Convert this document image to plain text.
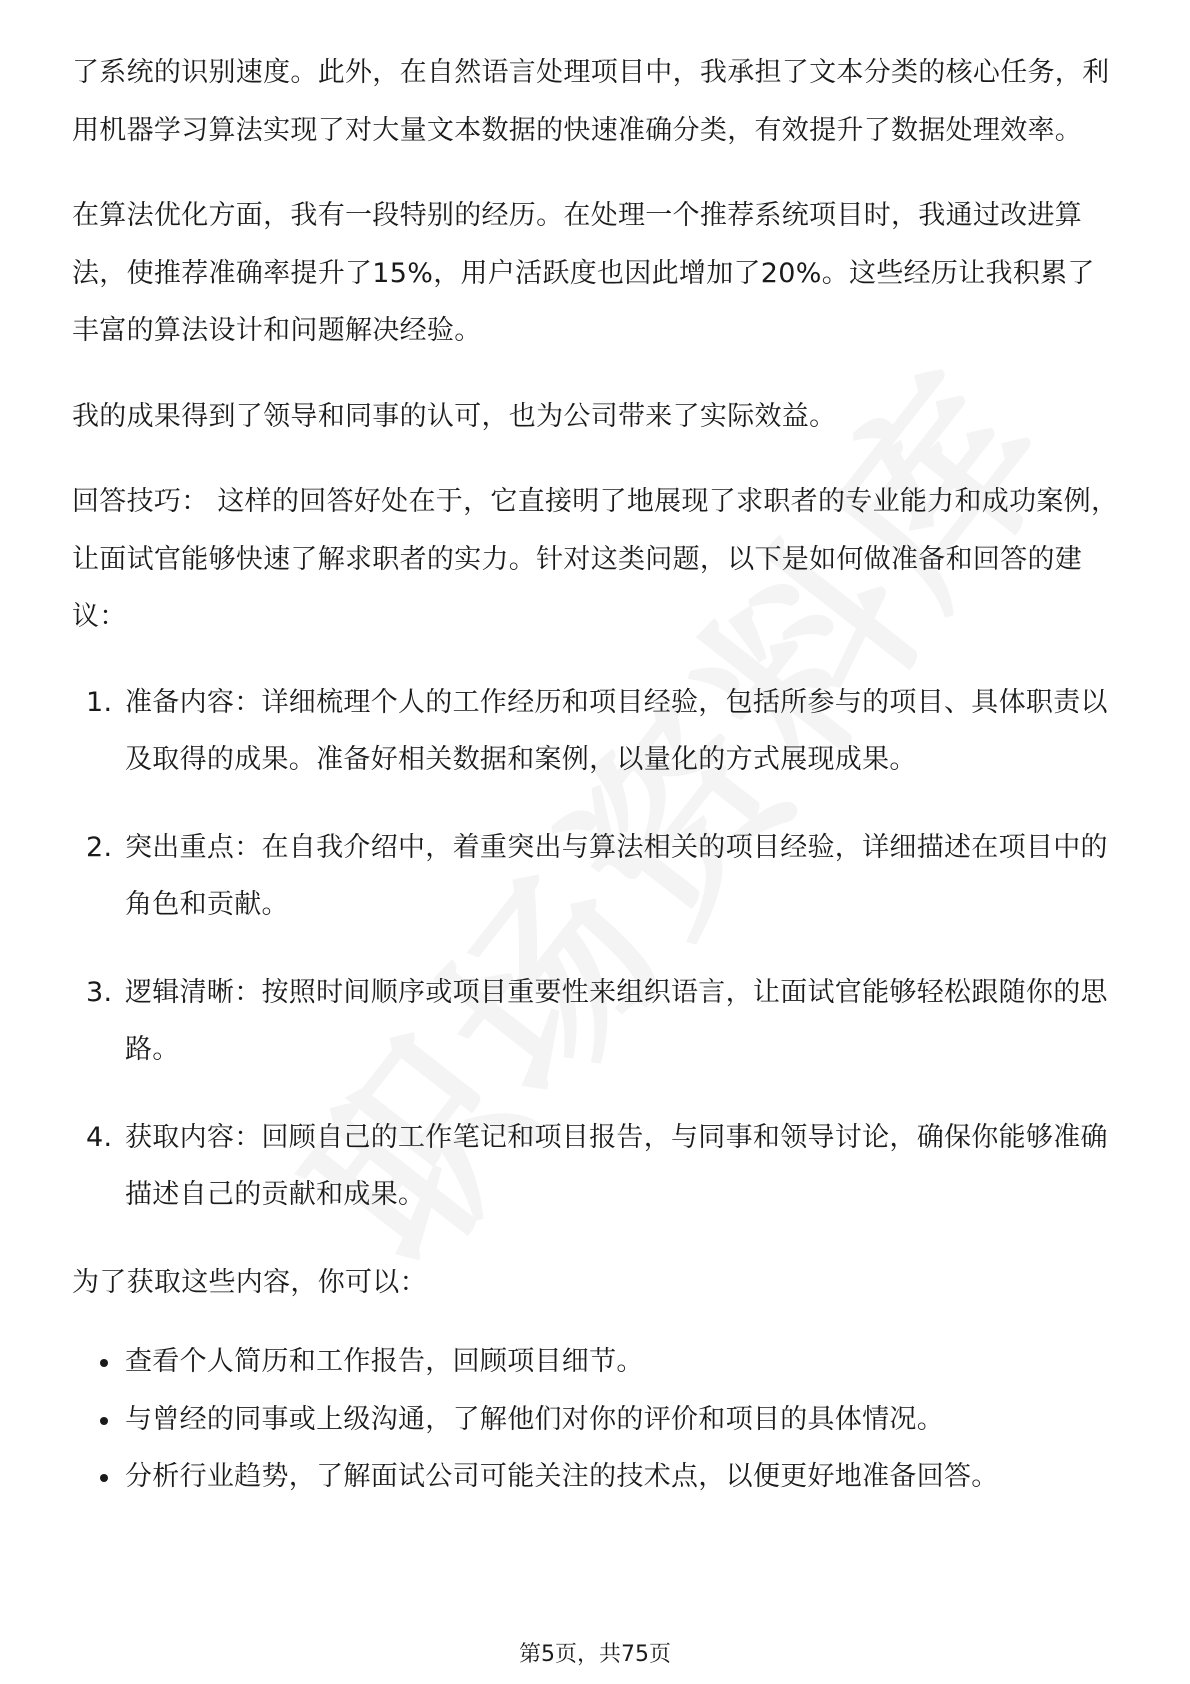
了系统的识别速度。此外，在自然语言处理项目中，我承担了文本分类的核心任务，利用机器学习算法实现了对大量文本数据的快速准确分类，有效提升了数据处理效率。

在算法优化方面，我有一段特别的经历。在处理一个推荐系统项目时，我通过改进算法，使推荐准确率提升了15%，用户活跃度也因此增加了20%。这些经历让我积累了丰富的算法设计和问题解决经验。

我的成果得到了领导和同事的认可，也为公司带来了实际效益。

回答技巧： 这样的回答好处在于，它直接明了地展现了求职者的专业能力和成功案例，让面试官能够快速了解求职者的实力。针对这类问题，以下是如何做准备和回答的建议：

1. 准备内容：详细梳理个人的工作经历和项目经验，包括所参与的项目、具体职责以及取得的成果。准备好相关数据和案例，以量化的方式展现成果。
2. 突出重点：在自我介绍中，着重突出与算法相关的项目经验，详细描述在项目中的角色和贡献。
3. 逻辑清晰：按照时间顺序或项目重要性来组织语言，让面试官能够轻松跟随你的思路。
4. 获取内容：回顾自己的工作笔记和项目报告，与同事和领导讨论，确保你能够准确描述自己的贡献和成果。

为了获取这些内容，你可以：

查看个人简历和工作报告，回顾项目细节。
与曾经的同事或上级沟通，了解他们对你的评价和项目的具体情况。
分析行业趋势，了解面试公司可能关注的技术点，以便更好地准备回答。
第5页，共75页
